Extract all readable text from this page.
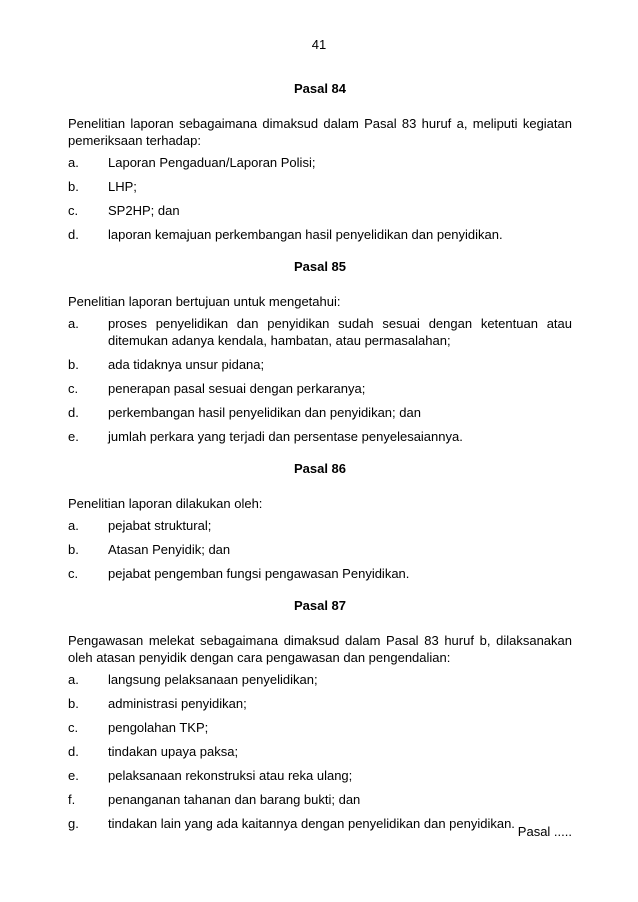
41
Pasal 84
Penelitian laporan sebagaimana dimaksud dalam Pasal 83 huruf a, meliputi kegiatan pemeriksaan terhadap:
a.	Laporan Pengaduan/Laporan Polisi;
b.	LHP;
c.	SP2HP; dan
d.	laporan kemajuan perkembangan hasil penyelidikan dan penyidikan.
Pasal 85
Penelitian laporan bertujuan untuk mengetahui:
a.	proses penyelidikan dan penyidikan sudah sesuai dengan ketentuan atau ditemukan adanya kendala, hambatan, atau permasalahan;
b.	ada tidaknya unsur pidana;
c.	penerapan pasal sesuai dengan perkaranya;
d.	perkembangan hasil penyelidikan dan penyidikan; dan
e.	jumlah perkara yang terjadi dan persentase penyelesaiannya.
Pasal 86
Penelitian laporan dilakukan oleh:
a.	pejabat struktural;
b.	Atasan Penyidik; dan
c.	pejabat pengemban fungsi pengawasan Penyidikan.
Pasal 87
Pengawasan melekat sebagaimana dimaksud dalam Pasal 83 huruf b, dilaksanakan oleh atasan penyidik dengan cara pengawasan dan pengendalian:
a.	langsung pelaksanaan penyelidikan;
b.	administrasi penyidikan;
c.	pengolahan TKP;
d.	tindakan upaya paksa;
e.	pelaksanaan rekonstruksi atau reka ulang;
f.	penanganan tahanan dan barang bukti; dan
g.	tindakan lain yang ada kaitannya dengan penyelidikan dan penyidikan.
Pasal .....
